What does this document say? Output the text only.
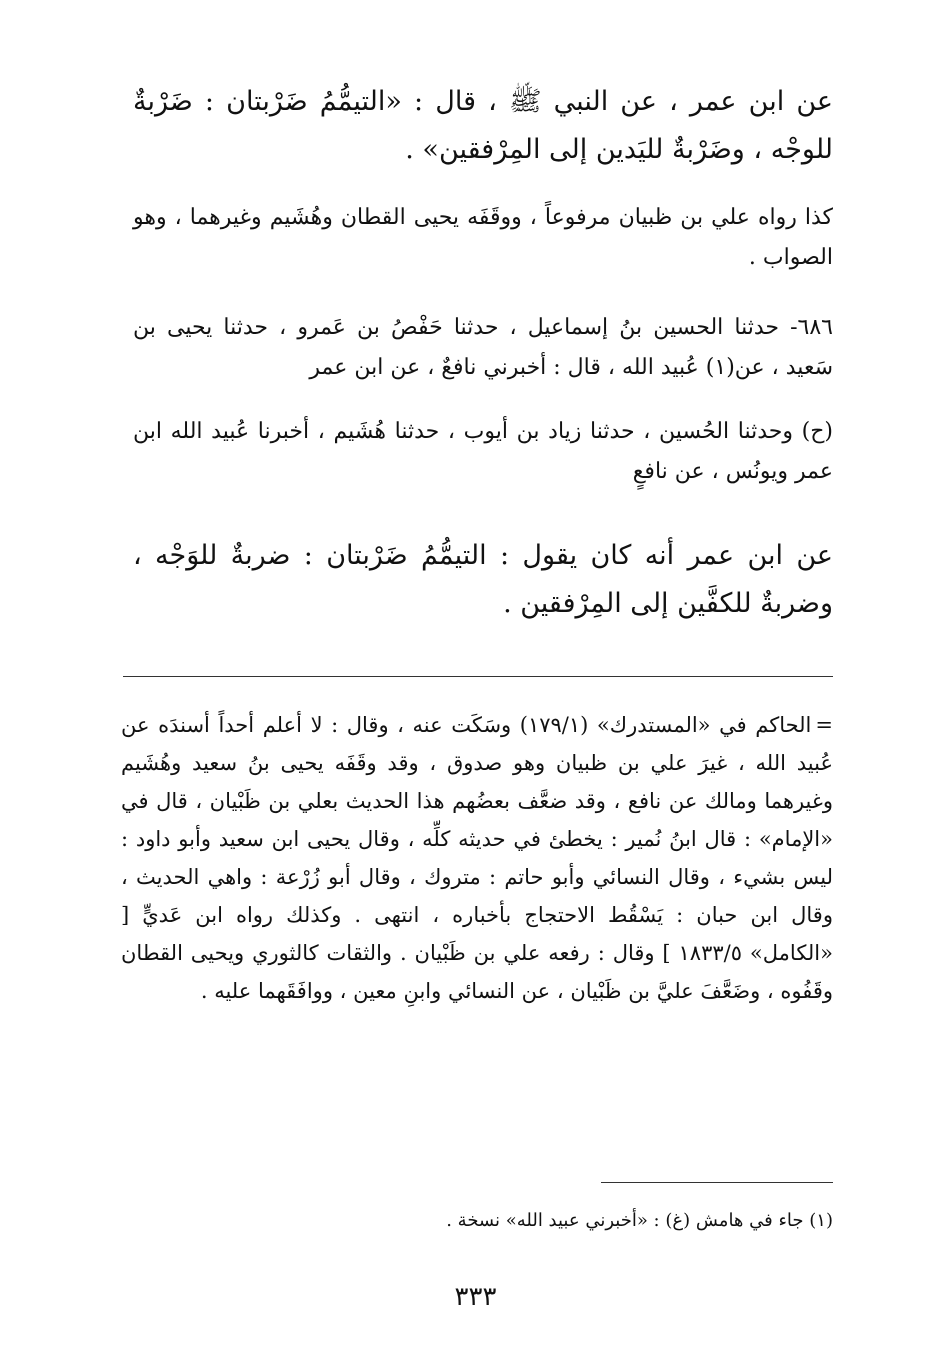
عن ابن عمر ، عن النبي ﷺ ، قال : «التيمُّمُ ضَرْبتان : ضَرْبةٌ للوجْه ، وضَرْبةٌ لليَدين إلى المِرْفقين» .
كذا رواه علي بن ظبيان مرفوعاً ، ووقَفَه يحيى القطان وهُشَيم وغيرهما ، وهو الصواب .
٦٨٦- حدثنا الحسين بنُ إسماعيل ، حدثنا حَفْصُ بن عَمرو ، حدثنا يحيى بن سَعيد ، عن(١) عُبيد الله ، قال : أخبرني نافعٌ ، عن ابن عمر
(ح) وحدثنا الحُسين ، حدثنا زياد بن أيوب ، حدثنا هُشَيم ، أخبرنا عُبيد الله ابن عمر ويونُس ، عن نافعٍ
عن ابن عمر أنه كان يقول : التيمُّمُ ضَرْبتان : ضربةٌ للوَجْه ، وضربةٌ للكفَّين إلى المِرْفقين .
=الحاكم في «المستدرك» (١٧٩/١) وسَكَت عنه ، وقال : لا أعلم أحداً أسندَه عن عُبيد الله ، غيرَ علي بن ظبيان وهو صدوق ، وقد وقَفَه يحيى بنُ سعيد وهُشَيم وغيرهما ومالك عن نافع ، وقد ضعَّف بعضُهم هذا الحديث بعلي بن ظَبْيان ، قال في «الإمام» : قال ابنُ نُمير : يخطئ في حديثه كلِّه ، وقال يحيى ابن سعيد وأبو داود : ليس بشيء ، وقال النسائي وأبو حاتم : متروك ، وقال أبو زُرْعة : واهي الحديث ، وقال ابن حبان : يَسْقُط الاحتجاج بأخباره ، انتهى . وكذلك رواه ابن عَديٍّ [ «الكامل» ١٨٣٣/٥ ] وقال : رفعه علي بن ظَبْيان . والثقات كالثوري ويحيى القطان وقَفُوه ، وضَعَّفَ عليَّ بن ظَبْيان ، عن النسائي وابنِ معين ، ووافَقَهما عليه .
(١) جاء في هامش (غ) : «أخبرني عبيد الله» نسخة .
٣٣٣
